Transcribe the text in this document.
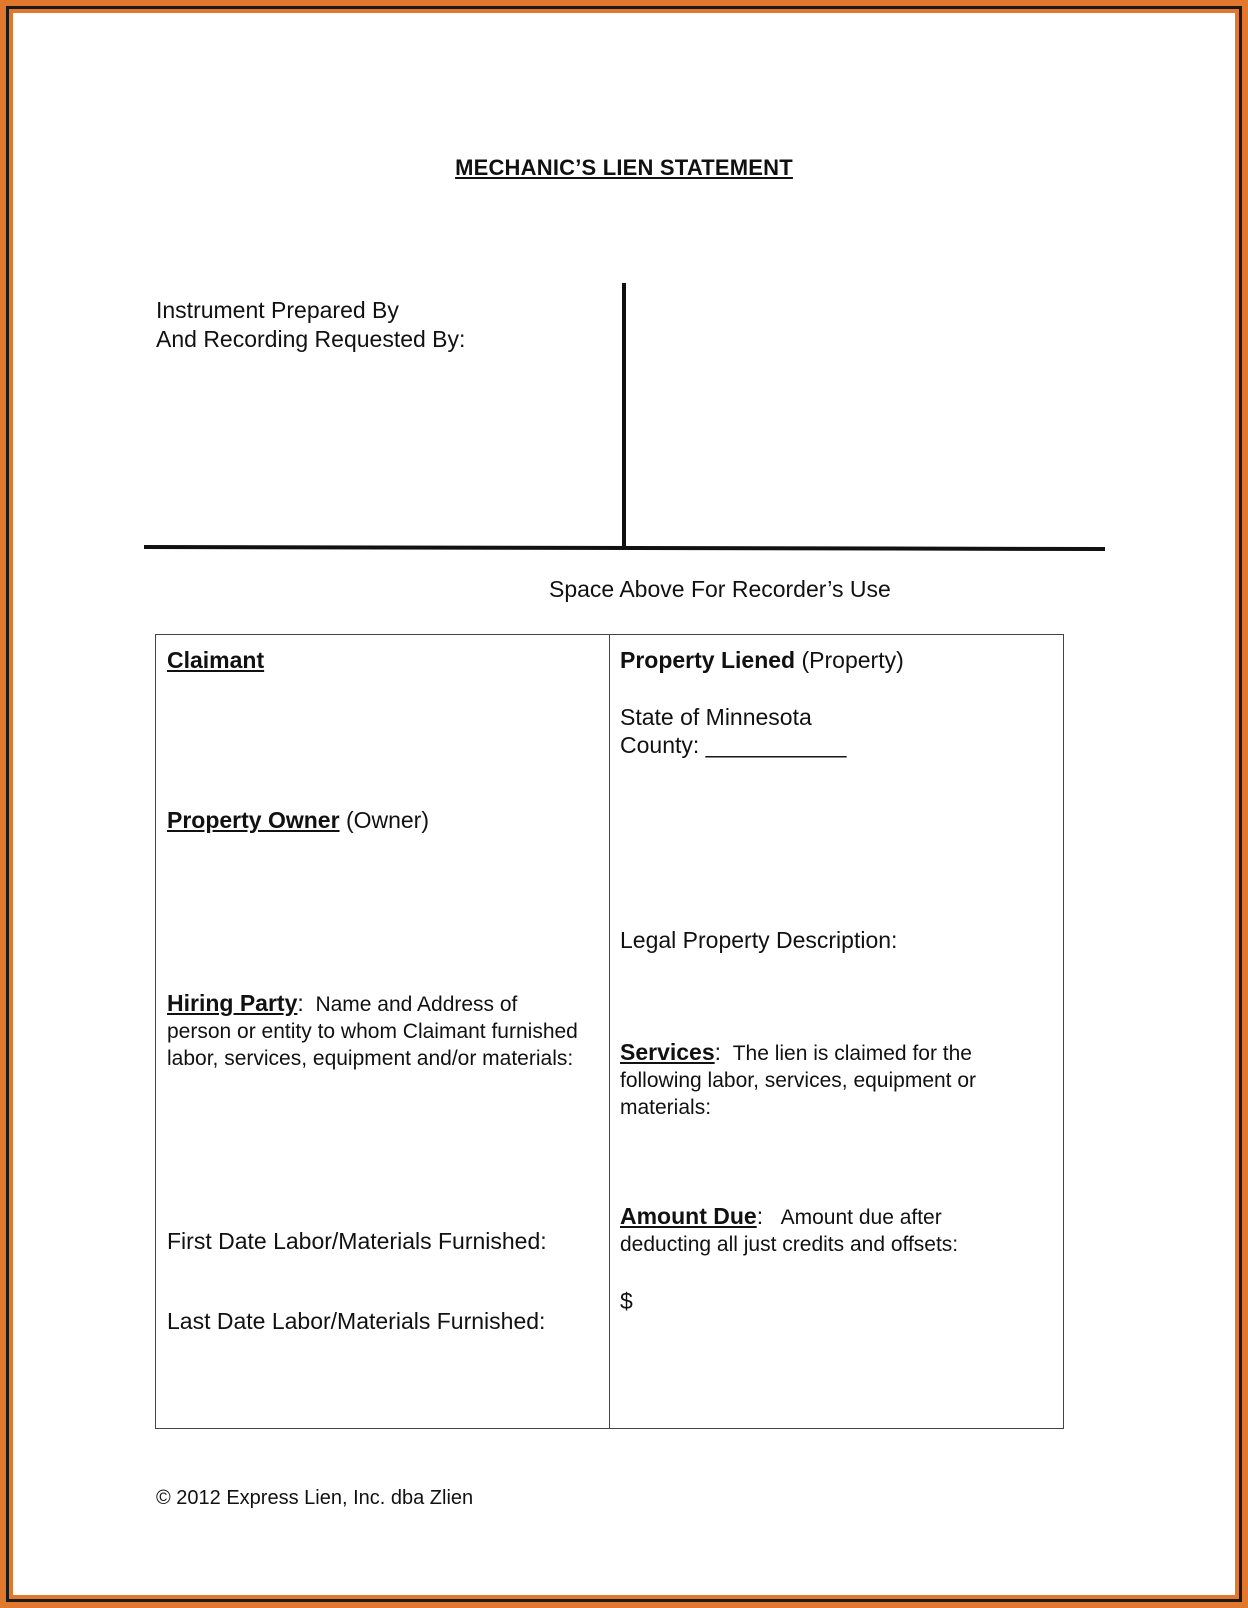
MECHANIC’S LIEN STATEMENT
Instrument Prepared By
And Recording Requested By:
Space Above For Recorder’s Use
Claimant
Property Owner (Owner)
Hiring Party: Name and Address of
person or entity to whom Claimant furnished
labor, services, equipment and/or materials:
First Date Labor/Materials Furnished:
Last Date Labor/Materials Furnished:
Property Liened (Property)
State of Minnesota
County: ___________
Legal Property Description:
Services: The lien is claimed for the
following labor, services, equipment or
materials:
Amount Due: Amount due after
deducting all just credits and offsets:
$
© 2012 Express Lien, Inc. dba Zlien
